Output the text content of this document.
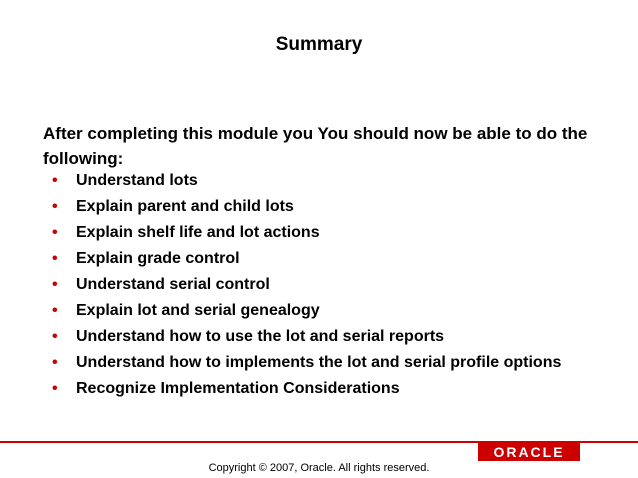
Summary
After completing this module you You should now be able to do the following:
• Understand lots
• Explain parent and child lots
• Explain shelf life and lot actions
• Explain grade control
• Understand serial control
• Explain lot and serial genealogy
• Understand how to use the lot and serial reports
• Understand how to implements the lot and serial profile options
• Recognize Implementation Considerations
ORACLE
Copyright © 2007, Oracle. All rights reserved.
